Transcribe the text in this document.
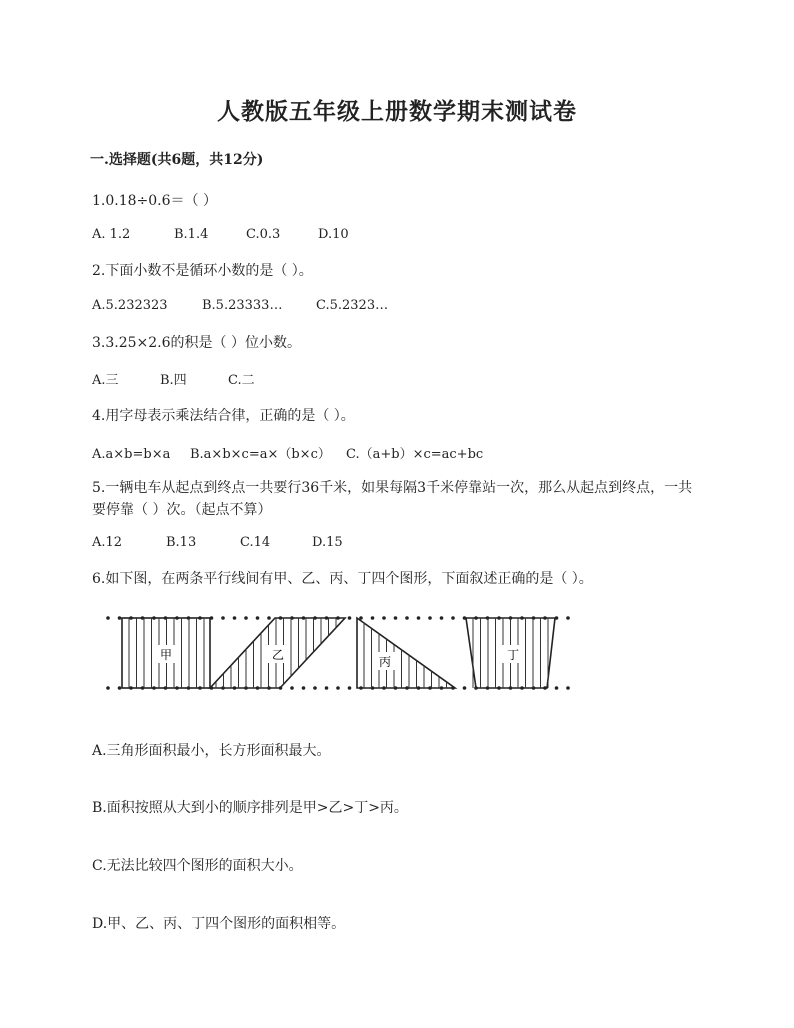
人教版五年级上册数学期末测试卷
一.选择题(共6题，共12分)
1.0.18÷0.6＝（ ）
A. 1.2	B.1.4	C.0.3	D.10
2.下面小数不是循环小数的是（ ）。
A.5.232323	B.5.23333…	C.5.2323…
3.3.25×2.6的积是（ ）位小数。
A.三	B.四	C.二
4.用字母表示乘法结合律，正确的是（ ）。
A.a×b=b×a B.a×b×c=a×（b×c） C.（a+b）×c=ac+bc
5.一辆电车从起点到终点一共要行36千米，如果每隔3千米停靠站一次，那么从起点到终点，一共要停靠（ ）次。（起点不算）
A.12	B.13	C.14	D.15
6.如下图，在两条平行线间有甲、乙、丙、丁四个图形，下面叙述正确的是（ ）。
甲	乙	丙	丁
A.三角形面积最小，长方形面积最大。
B.面积按照从大到小的顺序排列是甲>乙>丁>丙。
C.无法比较四个图形的面积大小。
D.甲、乙、丙、丁四个图形的面积相等。
